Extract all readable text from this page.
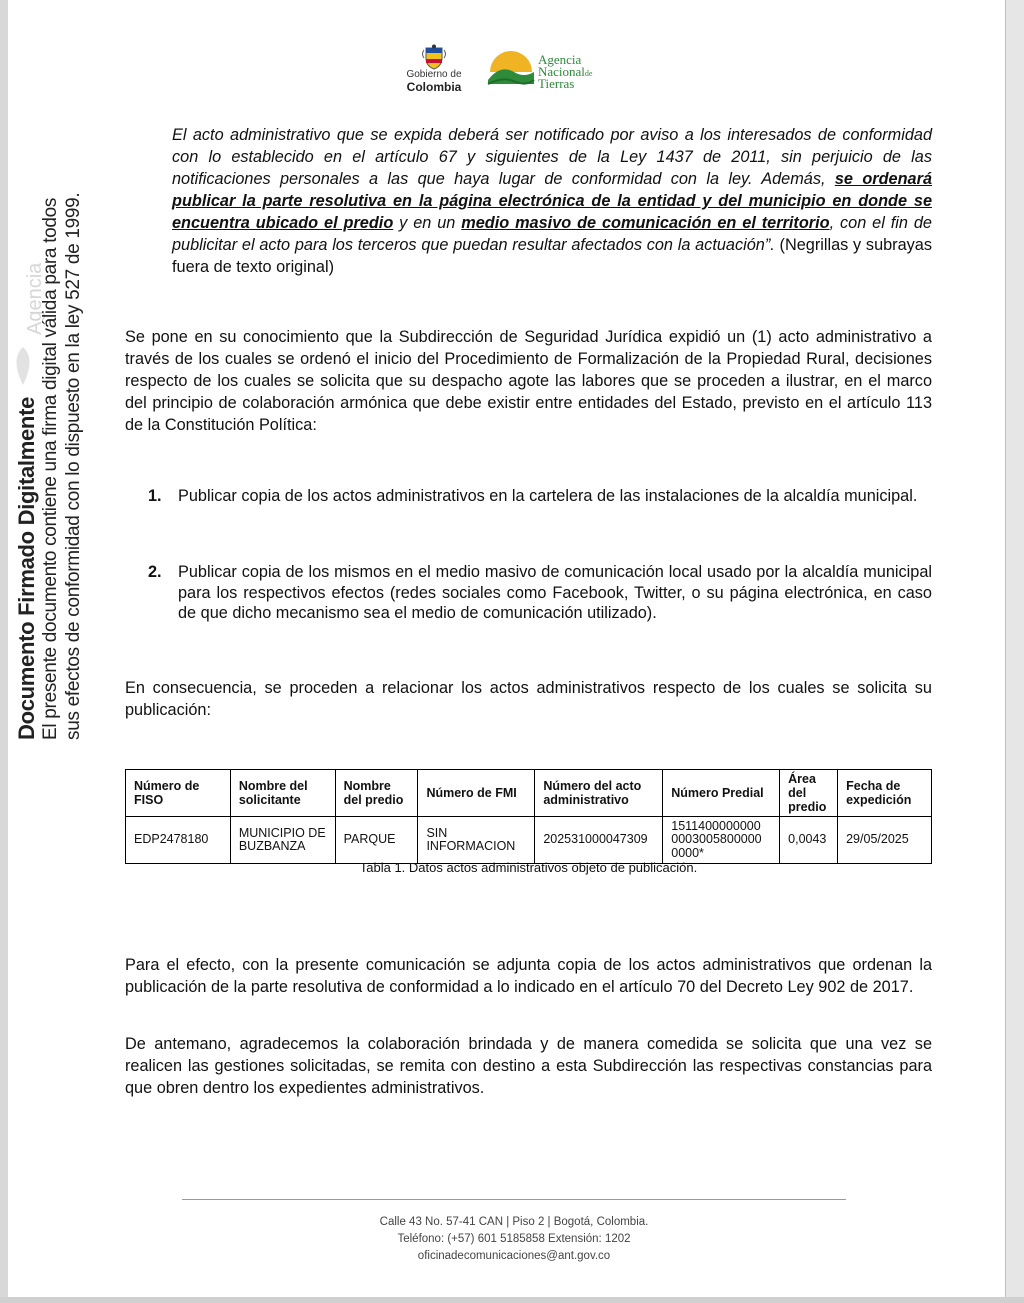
Gobierno de
Colombia
Agencia
Nacionalde
Tierras
Agencia
Documento Firmado Digitalmente El presente documento contiene una firma digital válida para todos sus efectos de conformidad con lo dispuesto en la ley 527 de 1999.
El acto administrativo que se expida deberá ser notificado por aviso a los interesados de conformidad con lo establecido en el artículo 67 y siguientes de la Ley 1437 de 2011, sin perjuicio de las notificaciones personales a las que haya lugar de conformidad con la ley. Además, se ordenará publicar la parte resolutiva en la página electrónica de la entidad y del municipio en donde se encuentra ubicado el predio y en un medio masivo de comunicación en el territorio, con el fin de publicitar el acto para los terceros que puedan resultar afectados con la actuación”. (Negrillas y subrayas fuera de texto original)
Se pone en su conocimiento que la Subdirección de Seguridad Jurídica expidió un (1) acto administrativo a través de los cuales se ordenó el inicio del Procedimiento de Formalización de la Propiedad Rural, decisiones respecto de los cuales se solicita que su despacho agote las labores que se proceden a ilustrar, en el marco del principio de colaboración armónica que debe existir entre entidades del Estado, previsto en el artículo 113 de la Constitución Política:
1. Publicar copia de los actos administrativos en la cartelera de las instalaciones de la alcaldía municipal.
2. Publicar copia de los mismos en el medio masivo de comunicación local usado por la alcaldía municipal para los respectivos efectos (redes sociales como Facebook, Twitter, o su página electrónica, en caso de que dicho mecanismo sea el medio de comunicación utilizado).
En consecuencia, se proceden a relacionar los actos administrativos respecto de los cuales se solicita su publicación:
Número de FISO	Nombre del solicitante	Nombre del predio	Número de FMI	Número del acto administrativo	Número Predial	Área del predio	Fecha de expedición
EDP2478180	MUNICIPIO DE BUZBANZA	PARQUE	SIN INFORMACION	202531000047309	1511400000000 0003005800000 0000*	0,0043	29/05/2025
Tabla 1. Datos actos administrativos objeto de publicación.
Para el efecto, con la presente comunicación se adjunta copia de los actos administrativos que ordenan la publicación de la parte resolutiva de conformidad a lo indicado en el artículo 70 del Decreto Ley 902 de 2017.
De antemano, agradecemos la colaboración brindada y de manera comedida se solicita que una vez se realicen las gestiones solicitadas, se remita con destino a esta Subdirección las respectivas constancias para que obren dentro los expedientes administrativos.
Calle 43 No. 57-41 CAN | Piso 2 | Bogotá, Colombia.
Teléfono: (+57) 601 5185858 Extensión: 1202
oficinadecomunicaciones@ant.gov.co
